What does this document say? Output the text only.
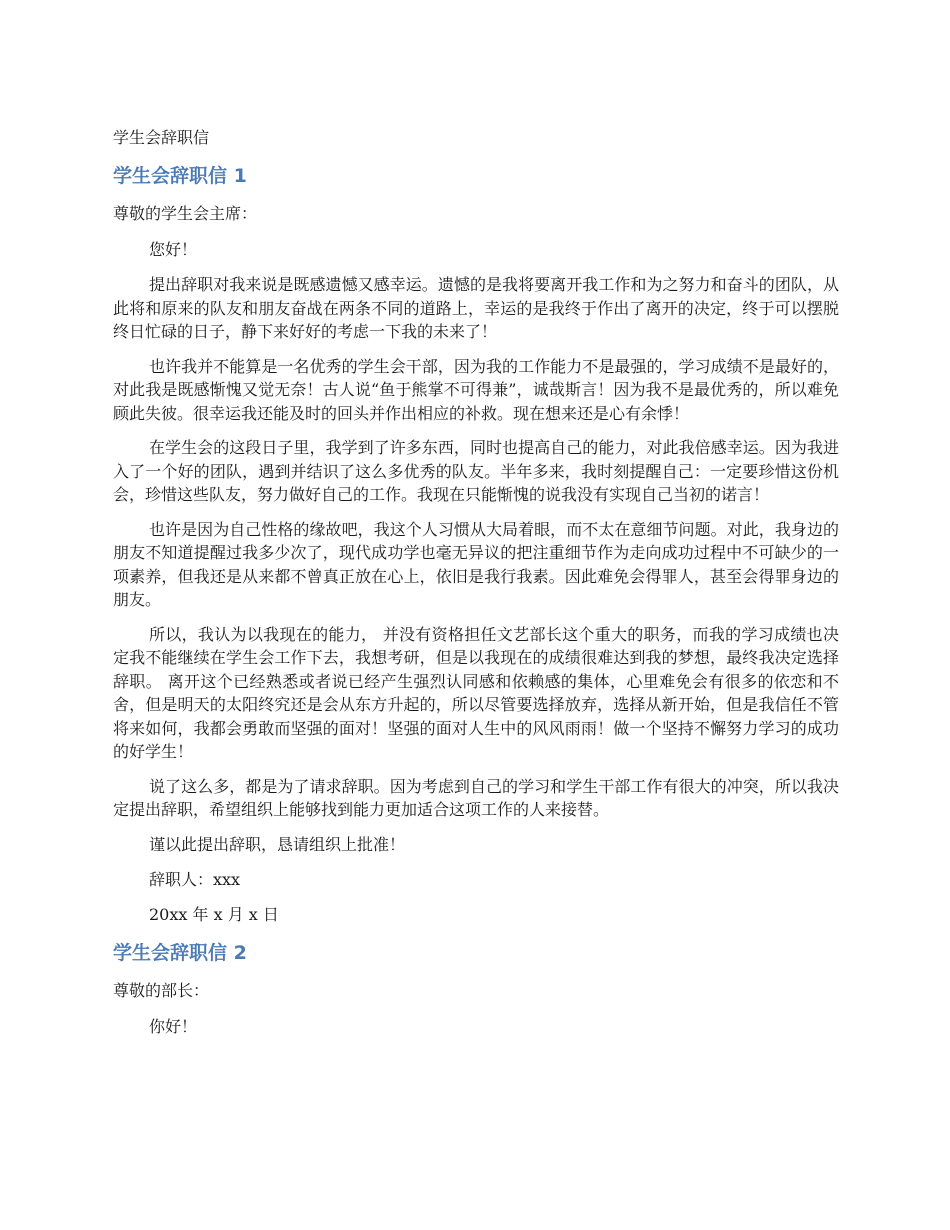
学生会辞职信
学生会辞职信 1
尊敬的学生会主席：
您好！

提出辞职对我来说是既感遗憾又感幸运。遗憾的是我将要离开我工作和为之努力和奋斗的团队，从此将和原来的队友和朋友奋战在两条不同的道路上，幸运的是我终于作出了离开的决定，终于可以摆脱终日忙碌的日子，静下来好好的考虑一下我的未来了！

也许我并不能算是一名优秀的学生会干部，因为我的工作能力不是最强的，学习成绩不是最好的，对此我是既感惭愧又觉无奈！古人说“鱼于熊掌不可得兼”，诚哉斯言！因为我不是最优秀的，所以难免顾此失彼。很幸运我还能及时的回头并作出相应的补救。现在想来还是心有余悸！

在学生会的这段日子里，我学到了许多东西，同时也提高自己的能力，对此我倍感幸运。因为我进入了一个好的团队，遇到并结识了这么多优秀的队友。半年多来，我时刻提醒自己：一定要珍惜这份机会，珍惜这些队友，努力做好自己的工作。我现在只能惭愧的说我没有实现自己当初的诺言！

也许是因为自己性格的缘故吧，我这个人习惯从大局着眼，而不太在意细节问题。对此，我身边的朋友不知道提醒过我多少次了，现代成功学也毫无异议的把注重细节作为走向成功过程中不可缺少的一项素养，但我还是从来都不曾真正放在心上，依旧是我行我素。因此难免会得罪人，甚至会得罪身边的朋友。

所以，我认为以我现在的能力， 并没有资格担任文艺部长这个重大的职务，而我的学习成绩也决定我不能继续在学生会工作下去，我想考研，但是以我现在的成绩很难达到我的梦想，最终我决定选择辞职。 离开这个已经熟悉或者说已经产生强烈认同感和依赖感的集体，心里难免会有很多的依恋和不舍，但是明天的太阳终究还是会从东方升起的，所以尽管要选择放弃，选择从新开始，但是我信任不管将来如何，我都会勇敢而坚强的面对！坚强的面对人生中的风风雨雨！做一个坚持不懈努力学习的成功的好学生！

说了这么多，都是为了请求辞职。因为考虑到自己的学习和学生干部工作有很大的冲突，所以我决定提出辞职，希望组织上能够找到能力更加适合这项工作的人来接替。

谨以此提出辞职，恳请组织上批准！
辞职人：xxx
20xx 年 x 月 x 日
学生会辞职信 2
尊敬的部长：
你好！
